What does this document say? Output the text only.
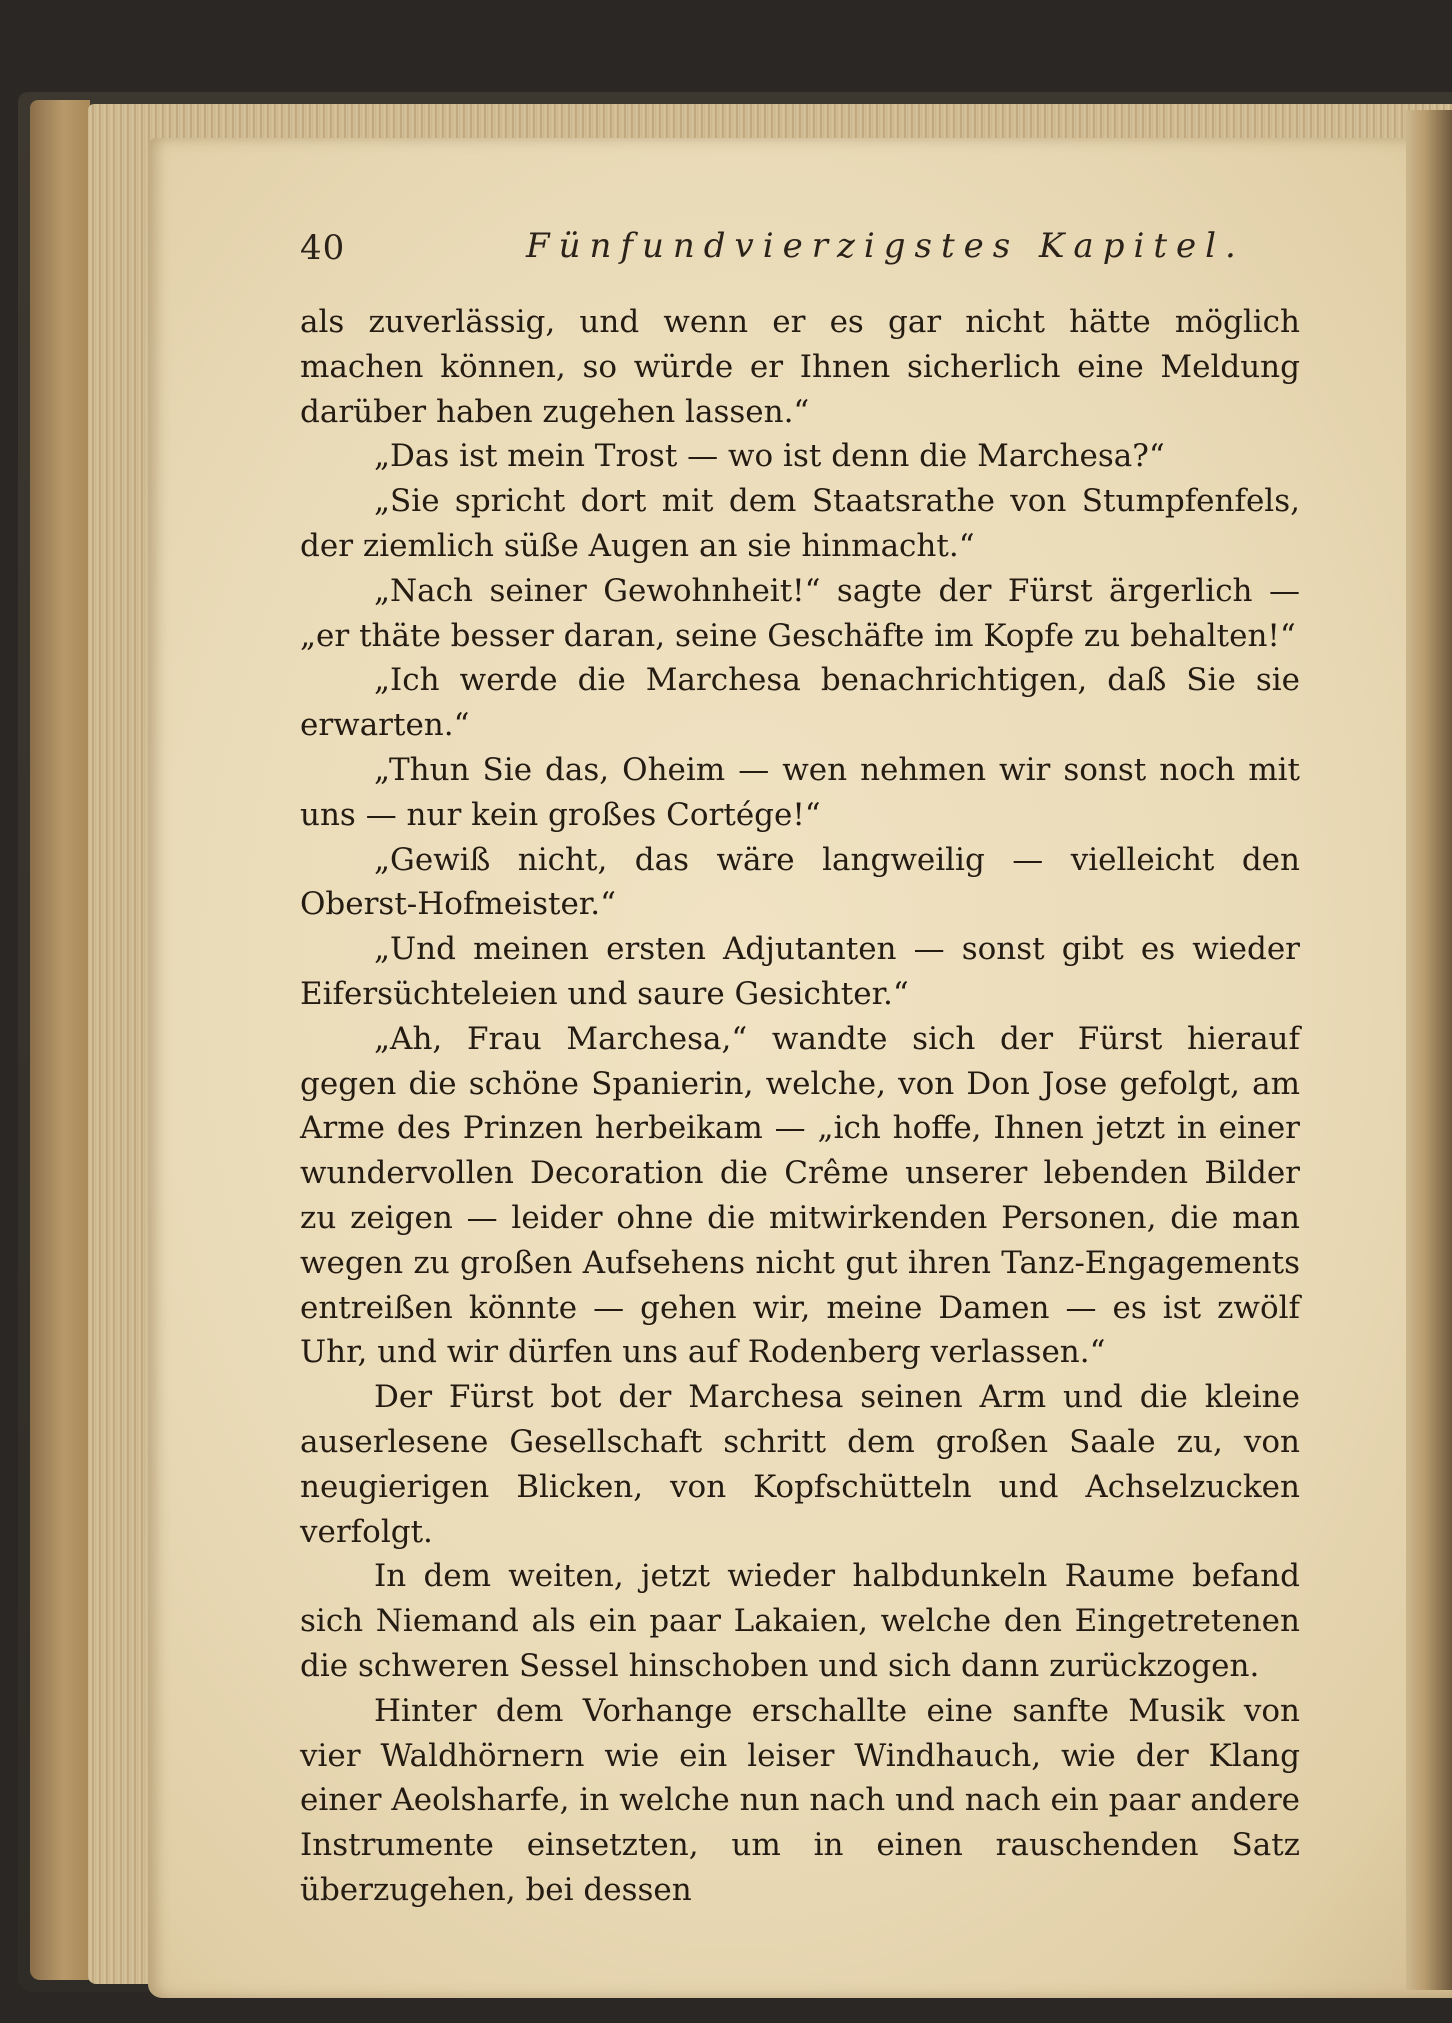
40	Fünfundvierzigstes Kapitel.

als zuverlässig, und wenn er es gar nicht hätte möglich machen können, so würde er Ihnen sicherlich eine Meldung darüber haben zugehen lassen.“

„Das ist mein Trost — wo ist denn die Marchesa?“

„Sie spricht dort mit dem Staatsrathe von Stumpfenfels, der ziemlich süße Augen an sie hinmacht.“

„Nach seiner Gewohnheit!“ sagte der Fürst ärgerlich — „er thäte besser daran, seine Geschäfte im Kopfe zu behalten!“

„Ich werde die Marchesa benachrichtigen, daß Sie sie erwarten.“

„Thun Sie das, Oheim — wen nehmen wir sonst noch mit uns — nur kein großes Cortége!“

„Gewiß nicht, das wäre langweilig — vielleicht den Oberst-Hofmeister.“

„Und meinen ersten Adjutanten — sonst gibt es wieder Eifersüchteleien und saure Gesichter.“

„Ah, Frau Marchesa,“ wandte sich der Fürst hierauf gegen die schöne Spanierin, welche, von Don Jose gefolgt, am Arme des Prinzen herbeikam — „ich hoffe, Ihnen jetzt in einer wundervollen Decoration die Crême unserer lebenden Bilder zu zeigen — leider ohne die mitwirkenden Personen, die man wegen zu großen Aufsehens nicht gut ihren Tanz-Engagements entreißen könnte — gehen wir, meine Damen — es ist zwölf Uhr, und wir dürfen uns auf Rodenberg verlassen.“

Der Fürst bot der Marchesa seinen Arm und die kleine auserlesene Gesellschaft schritt dem großen Saale zu, von neugierigen Blicken, von Kopfschütteln und Achselzucken verfolgt.

In dem weiten, jetzt wieder halbdunkeln Raume befand sich Niemand als ein paar Lakaien, welche den Eingetretenen die schweren Sessel hinschoben und sich dann zurückzogen.

Hinter dem Vorhange erschallte eine sanfte Musik von vier Waldhörnern wie ein leiser Windhauch, wie der Klang einer Aeolsharfe, in welche nun nach und nach ein paar andere Instrumente einsetzten, um in einen rauschenden Satz überzugehen, bei dessen
